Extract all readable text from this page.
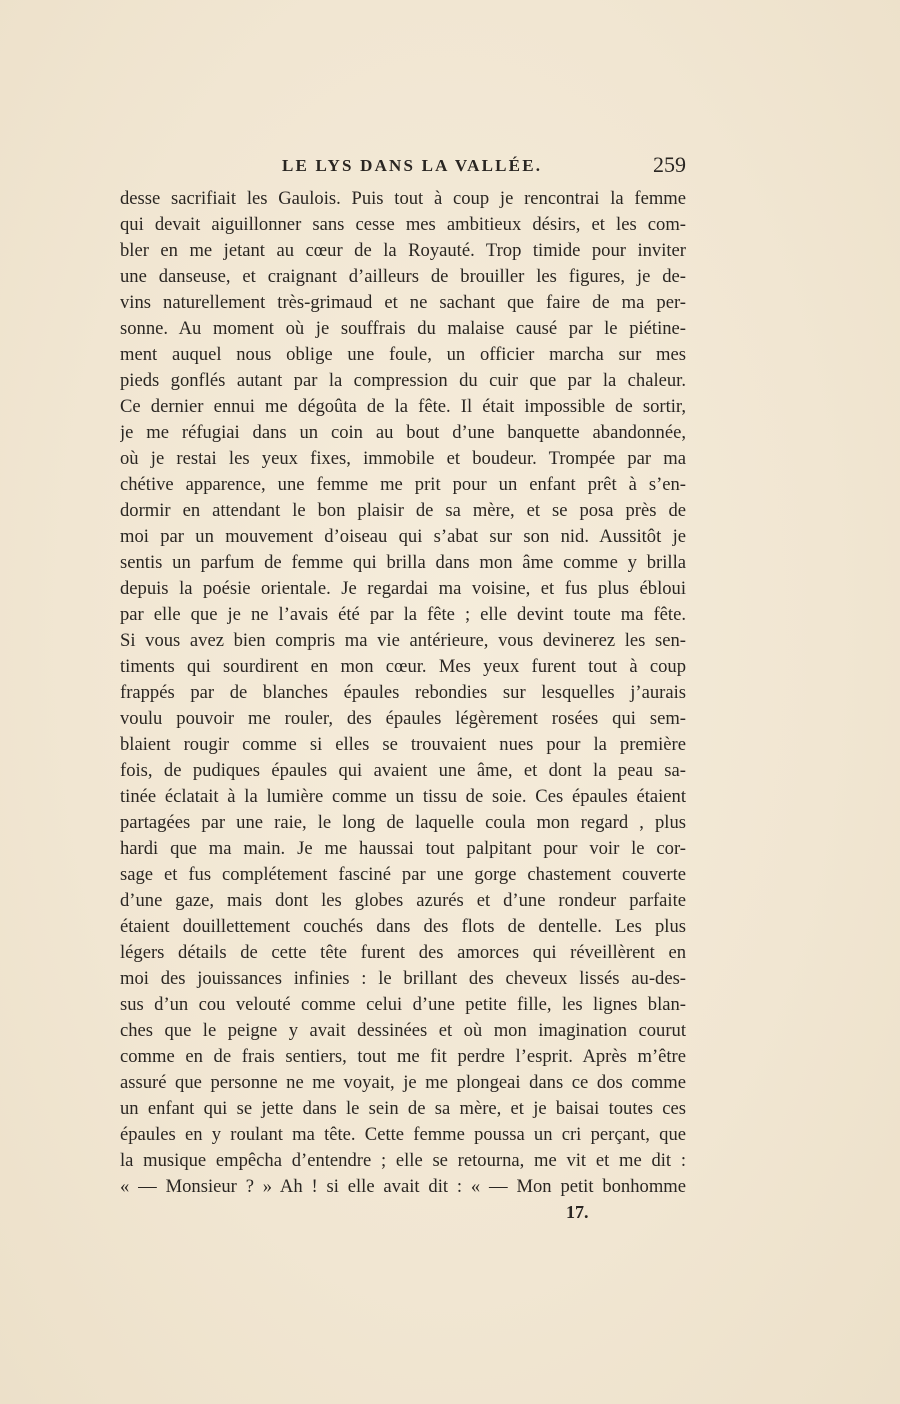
LE LYS DANS LA VALLÉE.	259
desse sacrifiait les Gaulois. Puis tout à coup je rencontrai la femme
qui devait aiguillonner sans cesse mes ambitieux désirs, et les com-
bler en me jetant au cœur de la Royauté. Trop timide pour inviter
une danseuse, et craignant d’ailleurs de brouiller les figures, je de-
vins naturellement très-grimaud et ne sachant que faire de ma per-
sonne. Au moment où je souffrais du malaise causé par le piétine-
ment auquel nous oblige une foule, un officier marcha sur mes
pieds gonflés autant par la compression du cuir que par la chaleur.
Ce dernier ennui me dégoûta de la fête. Il était impossible de sortir,
je me réfugiai dans un coin au bout d’une banquette abandonnée,
où je restai les yeux fixes, immobile et boudeur. Trompée par ma
chétive apparence, une femme me prit pour un enfant prêt à s’en-
dormir en attendant le bon plaisir de sa mère, et se posa près de
moi par un mouvement d’oiseau qui s’abat sur son nid. Aussitôt je
sentis un parfum de femme qui brilla dans mon âme comme y brilla
depuis la poésie orientale. Je regardai ma voisine, et fus plus ébloui
par elle que je ne l’avais été par la fête ; elle devint toute ma fête.
Si vous avez bien compris ma vie antérieure, vous devinerez les sen-
timents qui sourdirent en mon cœur. Mes yeux furent tout à coup
frappés par de blanches épaules rebondies sur lesquelles j’aurais
voulu pouvoir me rouler, des épaules légèrement rosées qui sem-
blaient rougir comme si elles se trouvaient nues pour la première
fois, de pudiques épaules qui avaient une âme, et dont la peau sa-
tinée éclatait à la lumière comme un tissu de soie. Ces épaules étaient
partagées par une raie, le long de laquelle coula mon regard , plus
hardi que ma main. Je me haussai tout palpitant pour voir le cor-
sage et fus complétement fasciné par une gorge chastement couverte
d’une gaze, mais dont les globes azurés et d’une rondeur parfaite
étaient douillettement couchés dans des flots de dentelle. Les plus
légers détails de cette tête furent des amorces qui réveillèrent en
moi des jouissances infinies : le brillant des cheveux lissés au-des-
sus d’un cou velouté comme celui d’une petite fille, les lignes blan-
ches que le peigne y avait dessinées et où mon imagination courut
comme en de frais sentiers, tout me fit perdre l’esprit. Après m’être
assuré que personne ne me voyait, je me plongeai dans ce dos comme
un enfant qui se jette dans le sein de sa mère, et je baisai toutes ces
épaules en y roulant ma tête. Cette femme poussa un cri perçant, que
la musique empêcha d’entendre ; elle se retourna, me vit et me dit :
« — Monsieur ? » Ah ! si elle avait dit : « — Mon petit bonhomme
17.
